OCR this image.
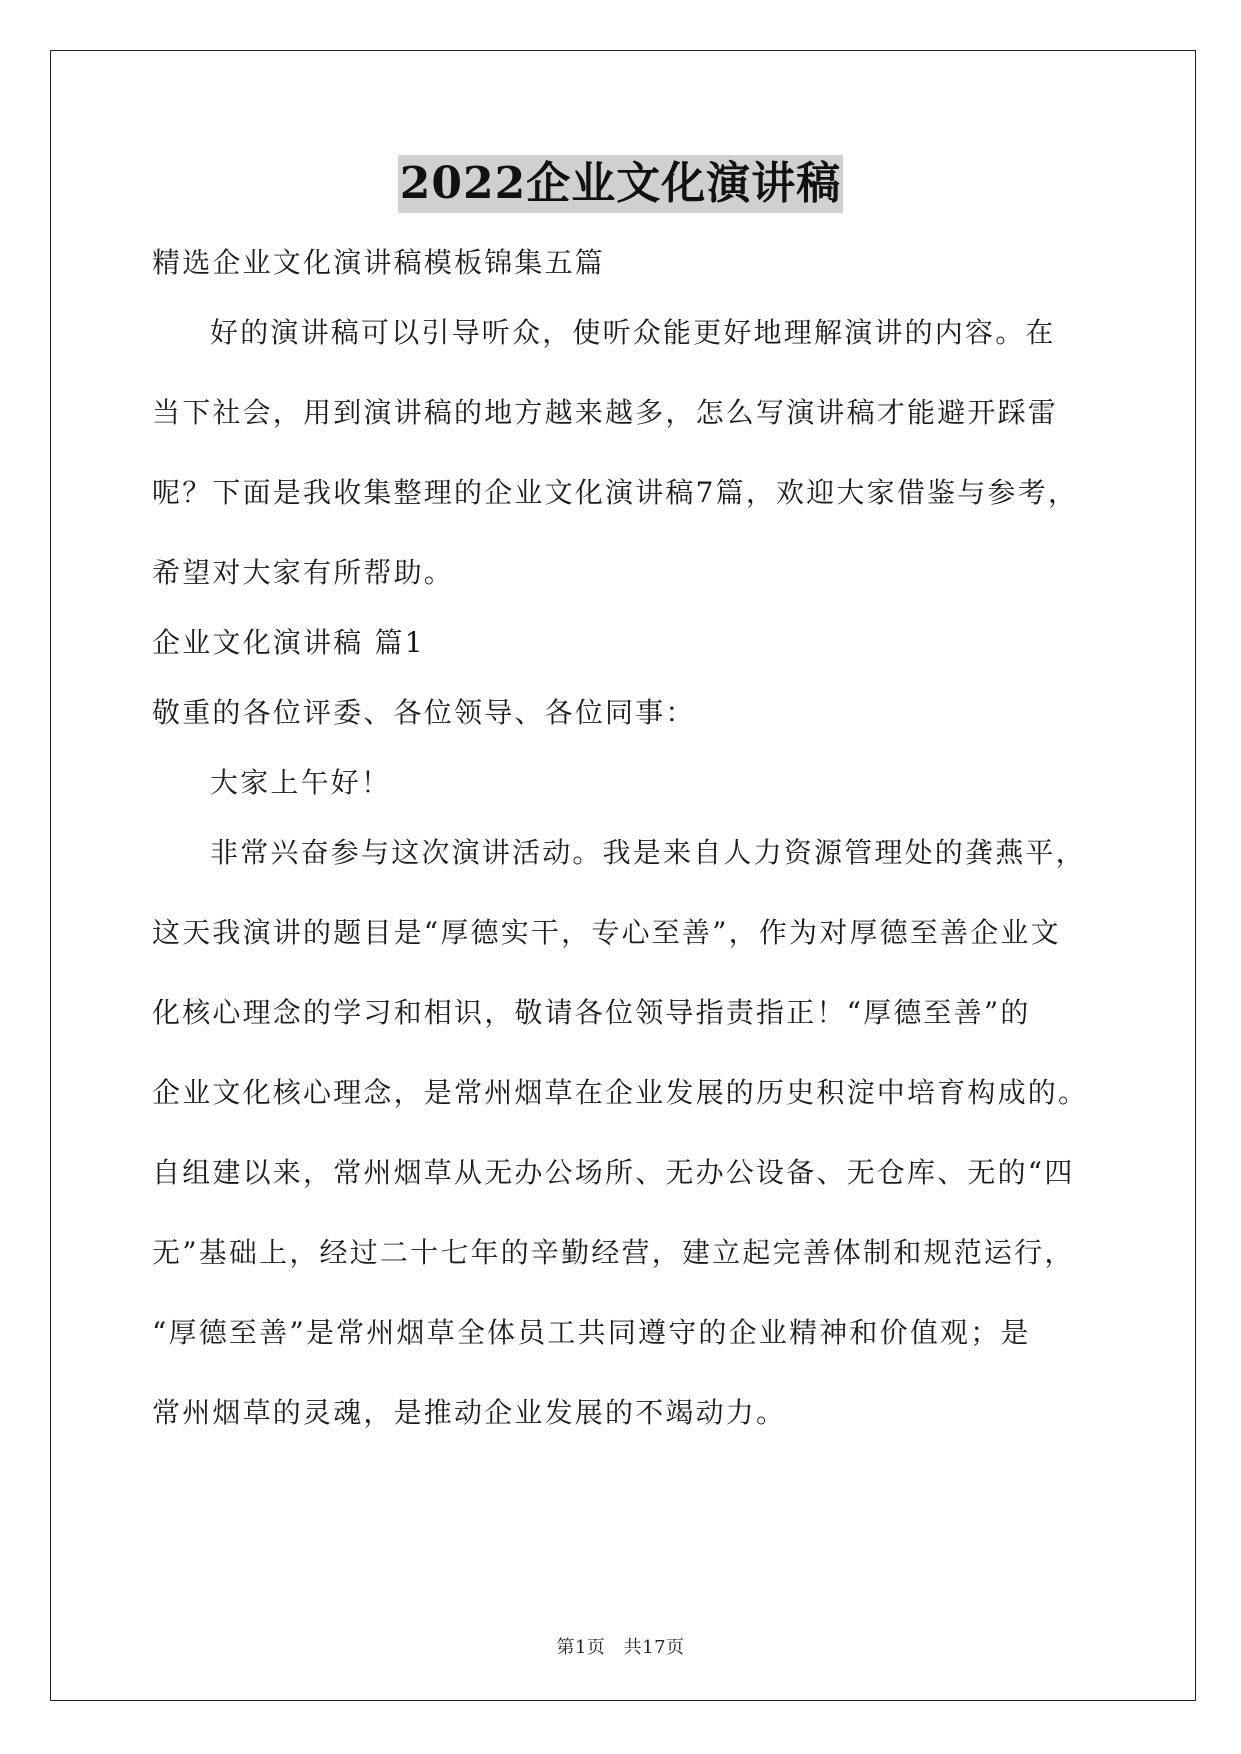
2022企业文化演讲稿

精选企业文化演讲稿模板锦集五篇

好的演讲稿可以引导听众，使听众能更好地理解演讲的内容。在

当下社会，用到演讲稿的地方越来越多，怎么写演讲稿才能避开踩雷

呢？下面是我收集整理的企业文化演讲稿7篇，欢迎大家借鉴与参考，

希望对大家有所帮助。

企业文化演讲稿 篇1

敬重的各位评委、各位领导、各位同事：

大家上午好！

非常兴奋参与这次演讲活动。我是来自人力资源管理处的龚燕平，

这天我演讲的题目是“厚德实干，专心至善”，作为对厚德至善企业文

化核心理念的学习和相识，敬请各位领导指责指正！“厚德至善”的

企业文化核心理念，是常州烟草在企业发展的历史积淀中培育构成的。

自组建以来，常州烟草从无办公场所、无办公设备、无仓库、无的“四

无”基础上，经过二十七年的辛勤经营，建立起完善体制和规范运行，

“厚德至善”是常州烟草全体员工共同遵守的企业精神和价值观；是

常州烟草的灵魂，是推动企业发展的不竭动力。

第1页 共17页
